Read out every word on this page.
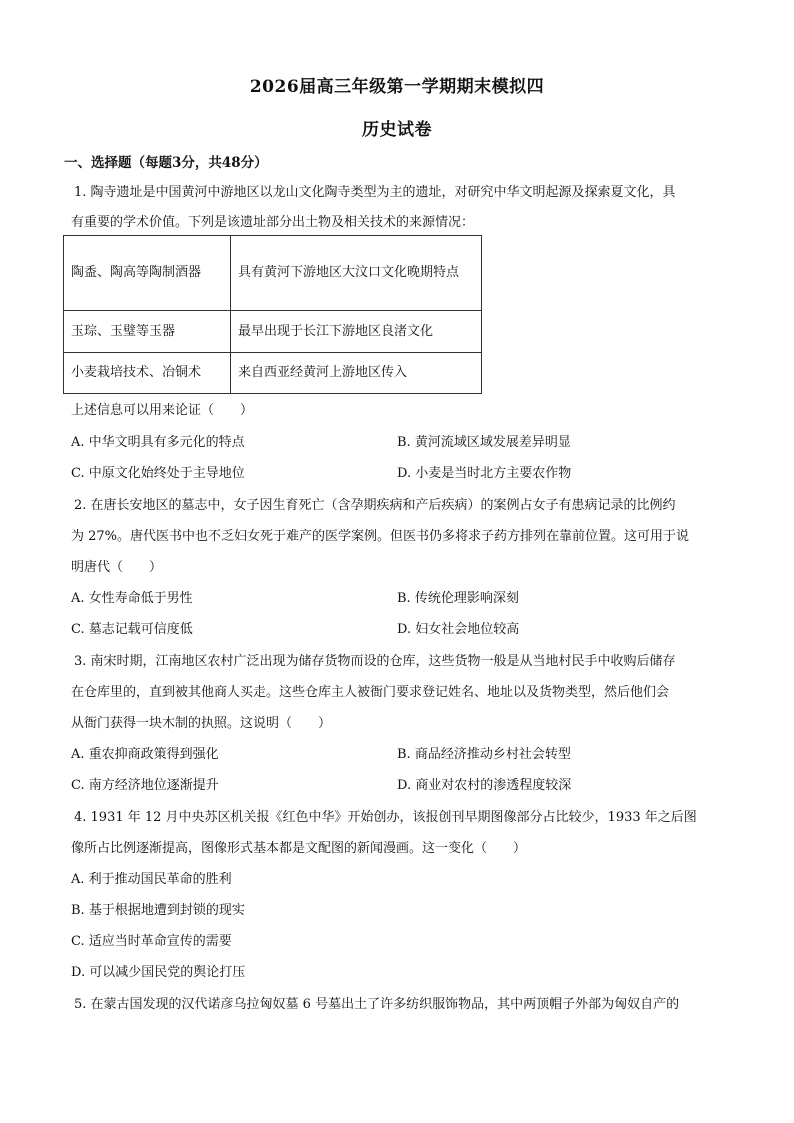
2026届高三年级第一学期期末模拟四
历史试卷
一、选择题（每题3分，共48分）
1. 陶寺遗址是中国黄河中游地区以龙山文化陶寺类型为主的遗址，对研究中华文明起源及探索夏文化，具
有重要的学术价值。下列是该遗址部分出土物及相关技术的来源情况：
陶盉、陶高等陶制酒器	具有黄河下游地区大汶口文化晚期特点
玉琮、玉璧等玉器	最早出现于长江下游地区良渚文化
小麦栽培技术、冶铜术	来自西亚经黄河上游地区传入
上述信息可以用来论证（　　）
A. 中华文明具有多元化的特点	B. 黄河流域区域发展差异明显
C. 中原文化始终处于主导地位	D. 小麦是当时北方主要农作物
2. 在唐长安地区的墓志中，女子因生育死亡（含孕期疾病和产后疾病）的案例占女子有患病记录的比例约
为 27%。唐代医书中也不乏妇女死于难产的医学案例。但医书仍多将求子药方排列在靠前位置。这可用于说
明唐代（　　）
A. 女性寿命低于男性	B. 传统伦理影响深刻
C. 墓志记载可信度低	D. 妇女社会地位较高
3. 南宋时期，江南地区农村广泛出现为储存货物而设的仓库，这些货物一般是从当地村民手中收购后储存
在仓库里的，直到被其他商人买走。这些仓库主人被衙门要求登记姓名、地址以及货物类型，然后他们会
从衙门获得一块木制的执照。这说明（　　）
A. 重农抑商政策得到强化	B. 商品经济推动乡村社会转型
C. 南方经济地位逐渐提升	D. 商业对农村的渗透程度较深
4. 1931 年 12 月中央苏区机关报《红色中华》开始创办，该报创刊早期图像部分占比较少，1933 年之后图
像所占比例逐渐提高，图像形式基本都是文配图的新闻漫画。这一变化（　　）
A. 利于推动国民革命的胜利
B. 基于根据地遭到封锁的现实
C. 适应当时革命宣传的需要
D. 可以减少国民党的舆论打压
5. 在蒙古国发现的汉代诺彦乌拉匈奴墓 6 号墓出土了许多纺织服饰物品，其中两顶帽子外部为匈奴自产的
